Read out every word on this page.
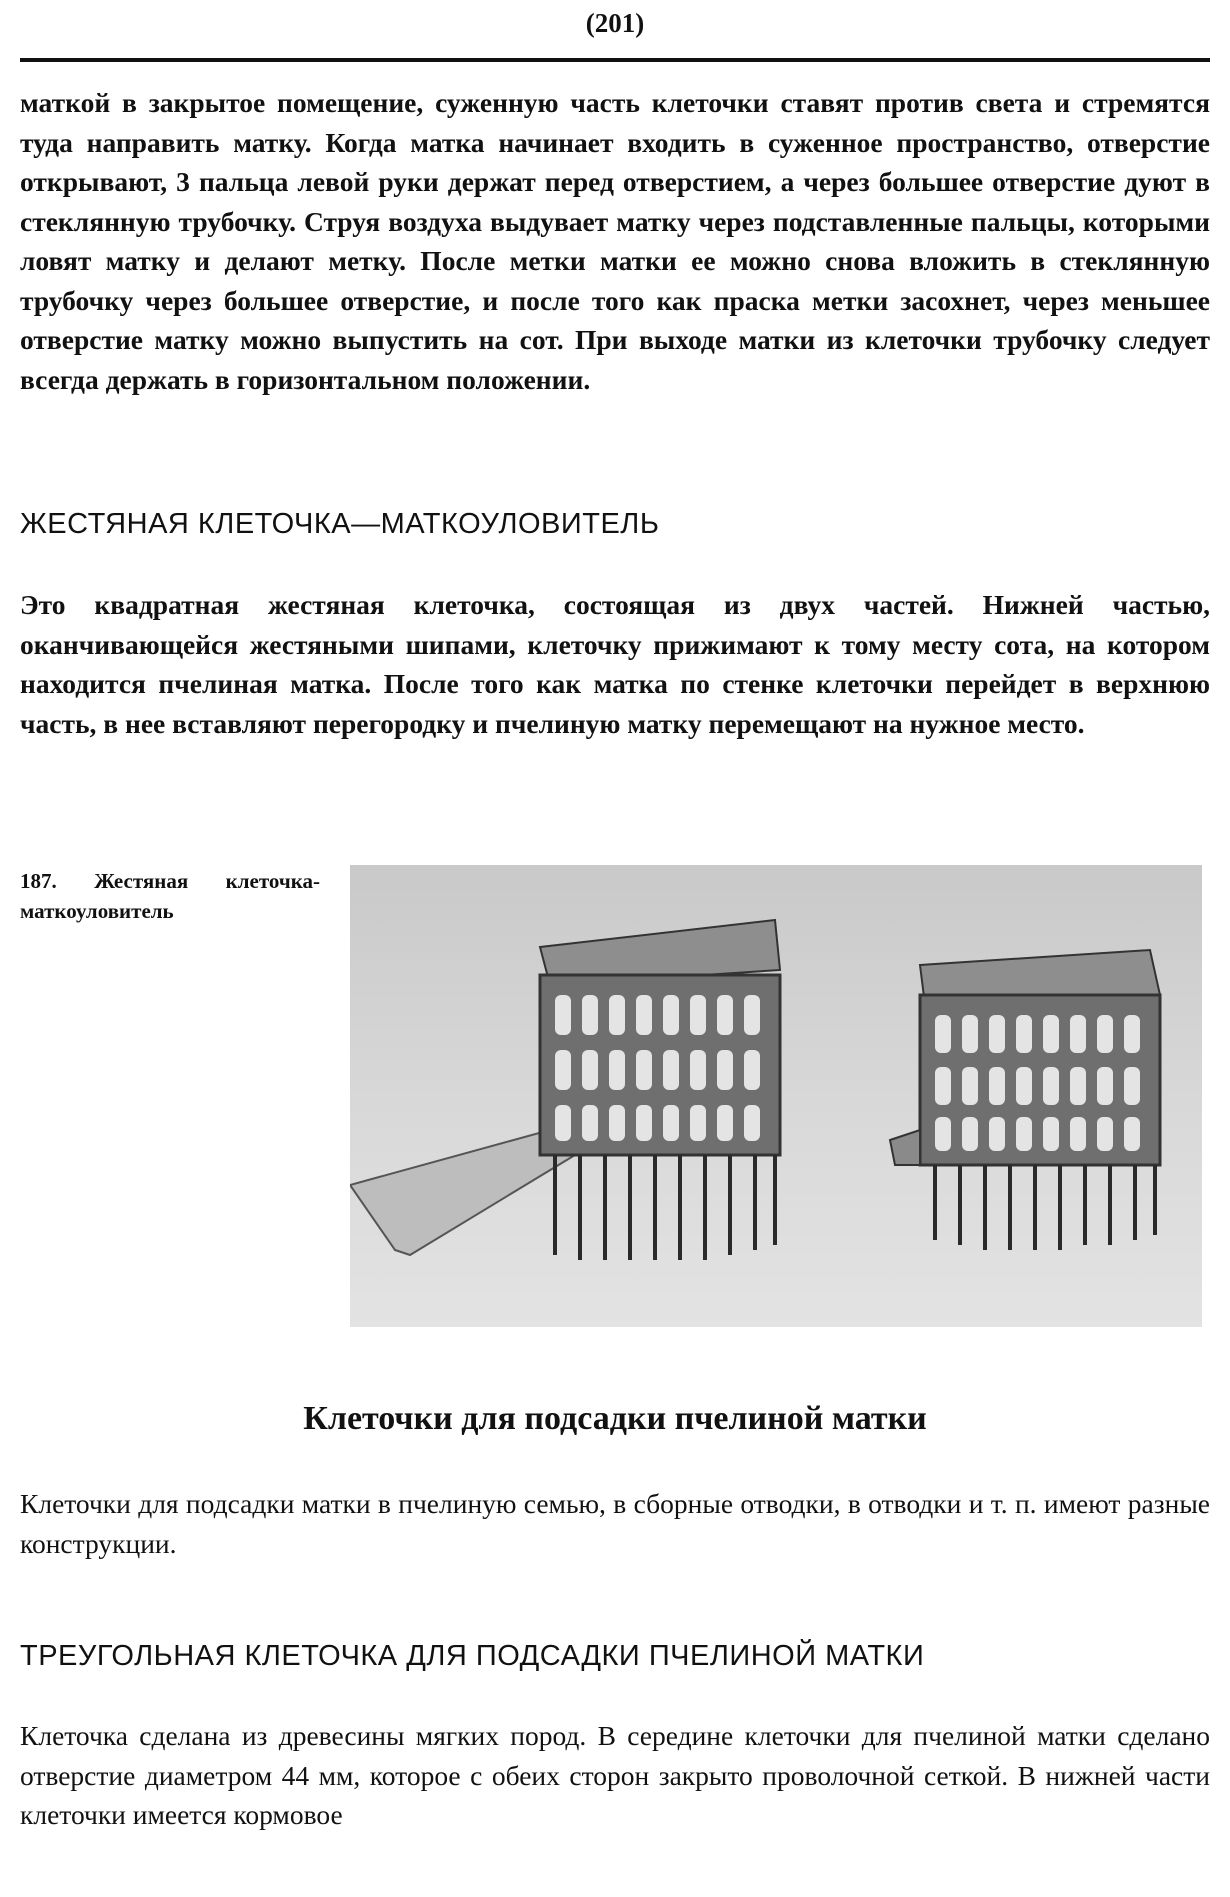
(201)

маткой в закрытое помещение, суженную часть клеточки ставят против света и стремятся туда направить матку. Когда матка начинает входить в суженное пространство, отверстие открывают, 3 пальца левой руки держат перед отверстием, а через большее отверстие дуют в стеклянную трубочку. Струя воздуха выдувает матку через подставленные пальцы, которыми ловят матку и делают метку. После метки матки ее можно снова вложить в стеклянную трубочку через большее отверстие, и после того как праска метки засохнет, через меньшее отверстие матку можно выпустить на сот. При выходе матки из клеточки трубочку следует всегда держать в горизонтальном положении.

ЖЕСТЯНАЯ КЛЕТОЧКА—МАТКОУЛОВИТЕЛЬ

Это квадратная жестяная клеточка, состоящая из двух частей. Нижней частью, оканчивающейся жестяными шипами, клеточку прижимают к тому месту сота, на котором находится пчелиная матка. После того как матка по стенке клеточки перейдет в верхнюю часть, в нее вставляют перегородку и пчелиную матку перемещают на нужное место.

187. Жестяная клеточка-маткоуловитель

Клеточки для подсадки пчелиной матки

Клеточки для подсадки матки в пчелиную семью, в сборные отводки, в отводки и т. п. имеют разные конструкции.

ТРЕУГОЛЬНАЯ КЛЕТОЧКА ДЛЯ ПОДСАДКИ ПЧЕЛИНОЙ МАТКИ

Клеточка сделана из древесины мягких пород. В середине клеточки для пчелиной матки сделано отверстие диаметром 44 мм, которое с обеих сторон закрыто проволочной сеткой. В нижней части клеточки имеется кормовое
